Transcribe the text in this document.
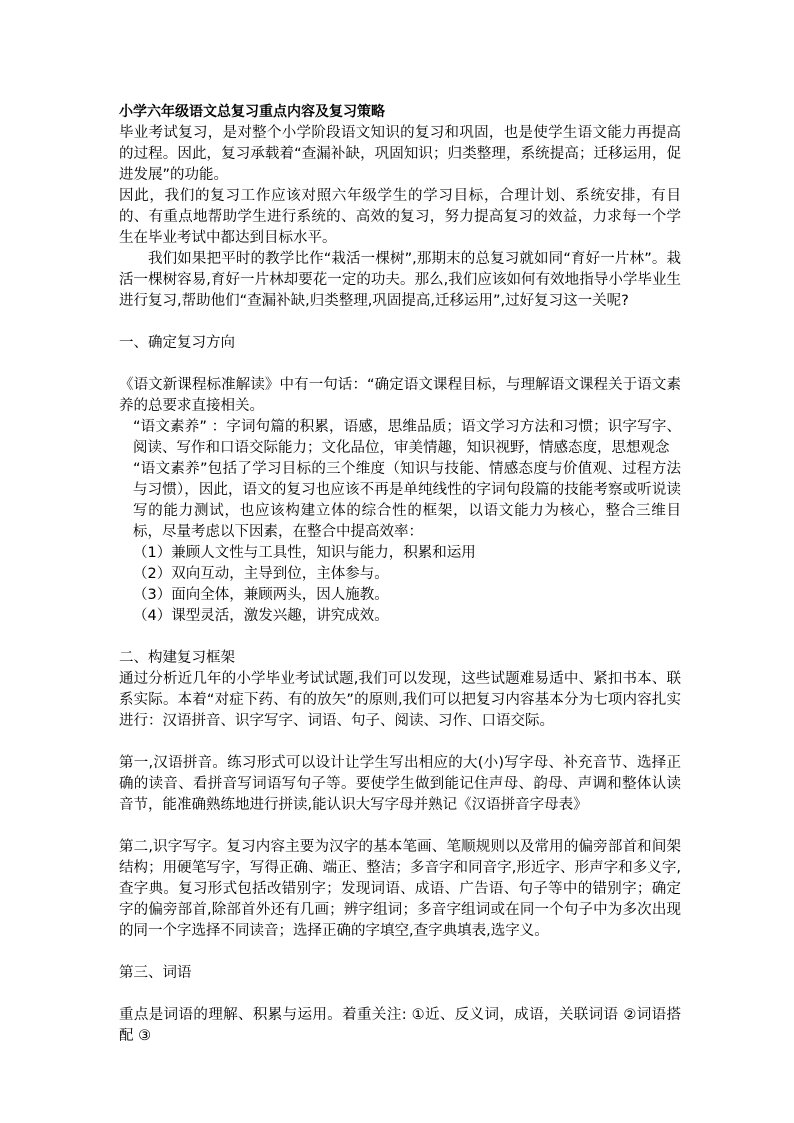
小学六年级语文总复习重点内容及复习策略

毕业考试复习，是对整个小学阶段语文知识的复习和巩固，也是使学生语文能力再提高的过程。因此，复习承载着“查漏补缺，巩固知识；归类整理，系统提高；迁移运用，促进发展”的功能。

因此，我们的复习工作应该对照六年级学生的学习目标，合理计划、系统安排，有目的、有重点地帮助学生进行系统的、高效的复习，努力提高复习的效益，力求每一个学生在毕业考试中都达到目标水平。

我们如果把平时的教学比作“栽活一棵树”,那期末的总复习就如同“育好一片林”。栽活一棵树容易,育好一片林却要花一定的功夫。那么,我们应该如何有效地指导小学毕业生进行复习,帮助他们“查漏补缺,归类整理,巩固提高,迁移运用”,过好复习这一关呢?

一、确定复习方向

《语文新课程标准解读》中有一句话：“确定语文课程目标，与理解语文课程关于语文素养的总要求直接相关。

“语文素养” ：字词句篇的积累，语感，思维品质；语文学习方法和习惯；识字写字、阅读、写作和口语交际能力；文化品位，审美情趣，知识视野，情感态度，思想观念

“语文素养”包括了学习目标的三个维度（知识与技能、情感态度与价值观、过程方法与习惯），因此，语文的复习也应该不再是单纯线性的字词句段篇的技能考察或听说读写的能力测试，也应该构建立体的综合性的框架，以语文能力为核心，整合三维目标，尽量考虑以下因素，在整合中提高效率：

（1）兼顾人文性与工具性，知识与能力，积累和运用

（2）双向互动，主导到位，主体参与。

（3）面向全体，兼顾两头，因人施教。

（4）课型灵活，激发兴趣，讲究成效。

二、构建复习框架

通过分析近几年的小学毕业考试试题,我们可以发现，这些试题难易适中、紧扣书本、联系实际。本着“对症下药、有的放矢”的原则,我们可以把复习内容基本分为七项内容扎实进行：汉语拼音、识字写字、词语、句子、阅读、习作、口语交际。

第一,汉语拼音。练习形式可以设计让学生写出相应的大(小)写字母、补充音节、选择正确的读音、看拼音写词语写句子等。要使学生做到能记住声母、韵母、声调和整体认读音节，能准确熟练地进行拼读,能认识大写字母并熟记《汉语拼音字母表》

第二,识字写字。复习内容主要为汉字的基本笔画、笔顺规则以及常用的偏旁部首和间架结构；用硬笔写字，写得正确、端正、整洁；多音字和同音字,形近字、形声字和多义字,查字典。复习形式包括改错别字；发现词语、成语、广告语、句子等中的错别字；确定字的偏旁部首,除部首外还有几画；辨字组词；多音字组词或在同一个句子中为多次出现的同一个字选择不同读音；选择正确的字填空,查字典填表,选字义。

第三、词语

重点是词语的理解、积累与运用。着重关注: ①近、反义词，成语，关联词语 ②词语搭配 ③
